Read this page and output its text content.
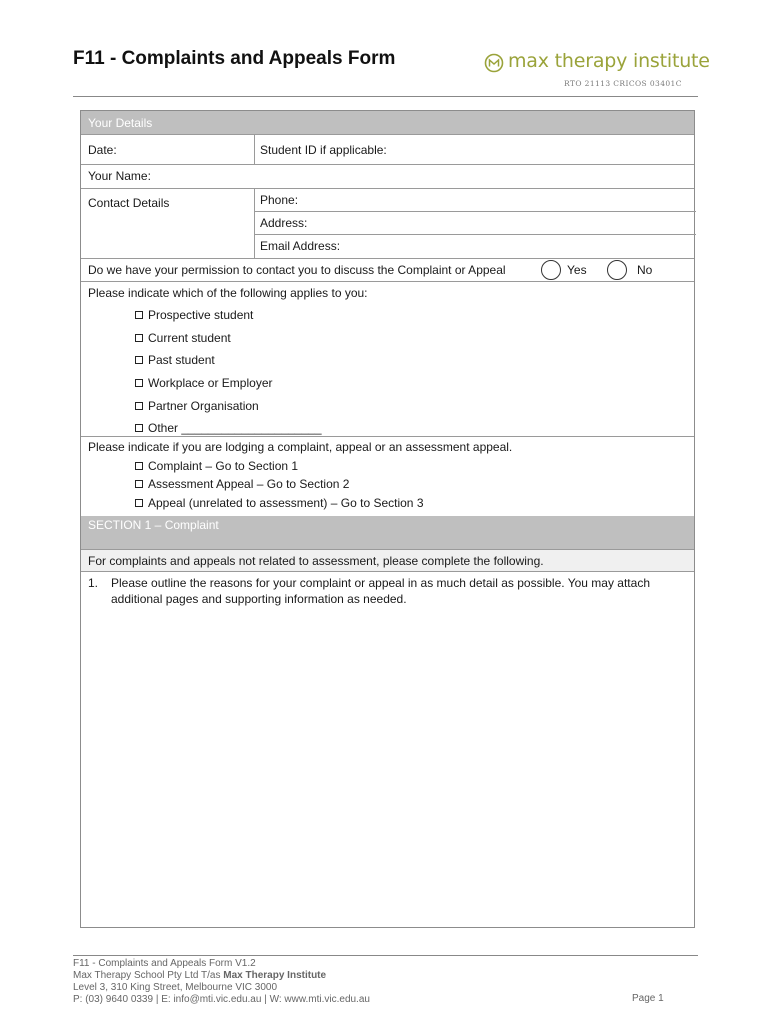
F11 - Complaints and Appeals Form	max therapy institute
RTO 21113 CRICOS 03401C
Your Details
Date:	Student ID if applicable:
Your Name:
Contact Details	Phone:
Address:
Email Address:
Do we have your permission to contact you to discuss the Complaint or Appeal	Yes	No
Please indicate which of the following applies to you:
Prospective student
Current student
Past student
Workplace or Employer
Partner Organisation
Other _____________________
Please indicate if you are lodging a complaint, appeal or an assessment appeal.
Complaint – Go to Section 1
Assessment Appeal – Go to Section 2
Appeal (unrelated to assessment) – Go to Section 3
SECTION 1 – Complaint
For complaints and appeals not related to assessment, please complete the following.
1. Please outline the reasons for your complaint or appeal in as much detail as possible. You may attach
additional pages and supporting information as needed.
F11 - Complaints and Appeals Form V1.2
Max Therapy School Pty Ltd T/as Max Therapy Institute
Level 3, 310 King Street, Melbourne VIC 3000
P: (03) 9640 0339 | E: info@mti.vic.edu.au | W: www.mti.vic.edu.au	Page 1
